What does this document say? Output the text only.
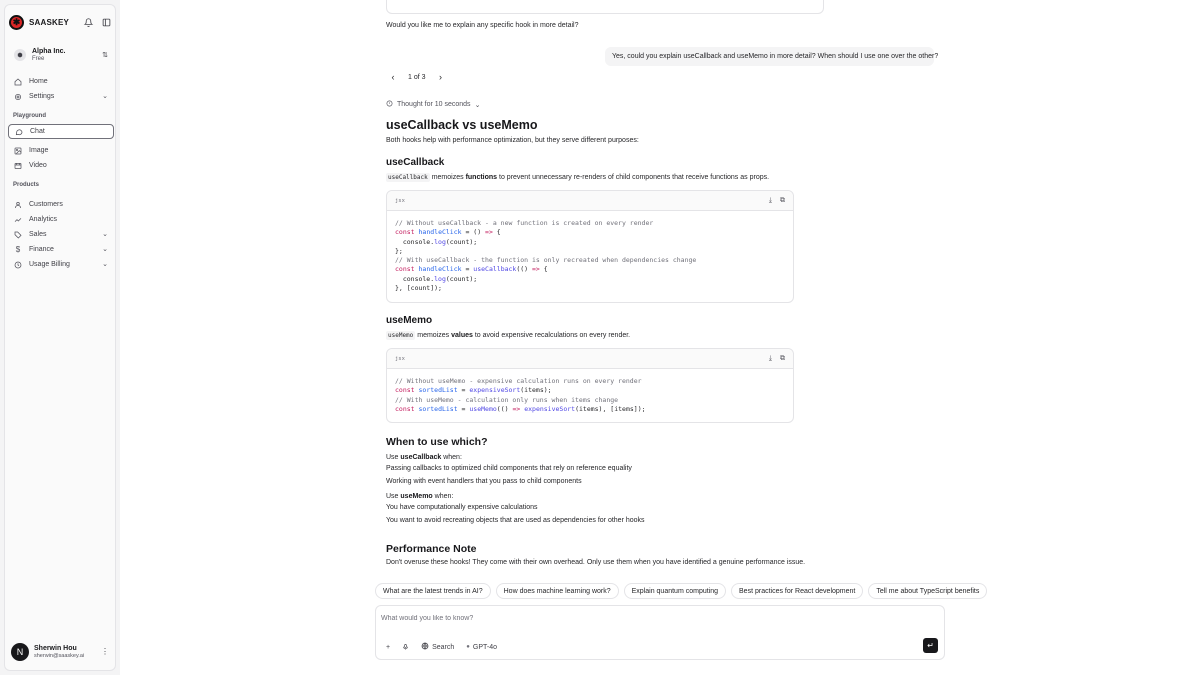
✱	SAASKEY
⬢
Alpha Inc.
Free	⇅
Home
Settings	⌄
Playground
Chat
Image
Video
Products
Customers
Analytics
Sales	⌄
$ Finance	⌄
Usage Billing	⌄
N	Sherwin Hou
sherwin@saaskey.ai ⋮
Would you like me to explain any specific hook in more detail?
Yes, could you explain useCallback and useMemo in more detail? When should I use one over the other?
‹	1 of 3	›
Thought for 10 seconds ⌄
useCallback vs useMemo
Both hooks help with performance optimization, but they serve different purposes:
useCallback
useCallback memoizes functions to prevent unnecessary re-renders of child components that receive functions as props.
jsx	⤓ ⧉
// Without useCallback - a new function is created on every render
const handleClick = () => {
console.log(count);
};
// With useCallback - the function is only recreated when dependencies change
const handleClick = useCallback(() => {
console.log(count);
}, [count]);
useMemo
useMemo memoizes values to avoid expensive recalculations on every render.
jsx	⤓ ⧉
// Without useMemo - expensive calculation runs on every render
const sortedList = expensiveSort(items);
// With useMemo - calculation only runs when items change
const sortedList = useMemo(() => expensiveSort(items), [items]);
When to use which?
Use useCallback when:
Passing callbacks to optimized child components that rely on reference equality
Working with event handlers that you pass to child components
Use useMemo when:
You have computationally expensive calculations
You want to avoid recreating objects that are used as dependencies for other hooks
Performance Note
Don't overuse these hooks! They come with their own overhead. Only use them when you have identified a genuine performance issue.
What are the latest trends in AI?	How does machine learning work?	Explain quantum computing	Best practices for React development	Tell me about TypeScript benefits
What would you like to know?
+	Search ● GPT-4o	↵
